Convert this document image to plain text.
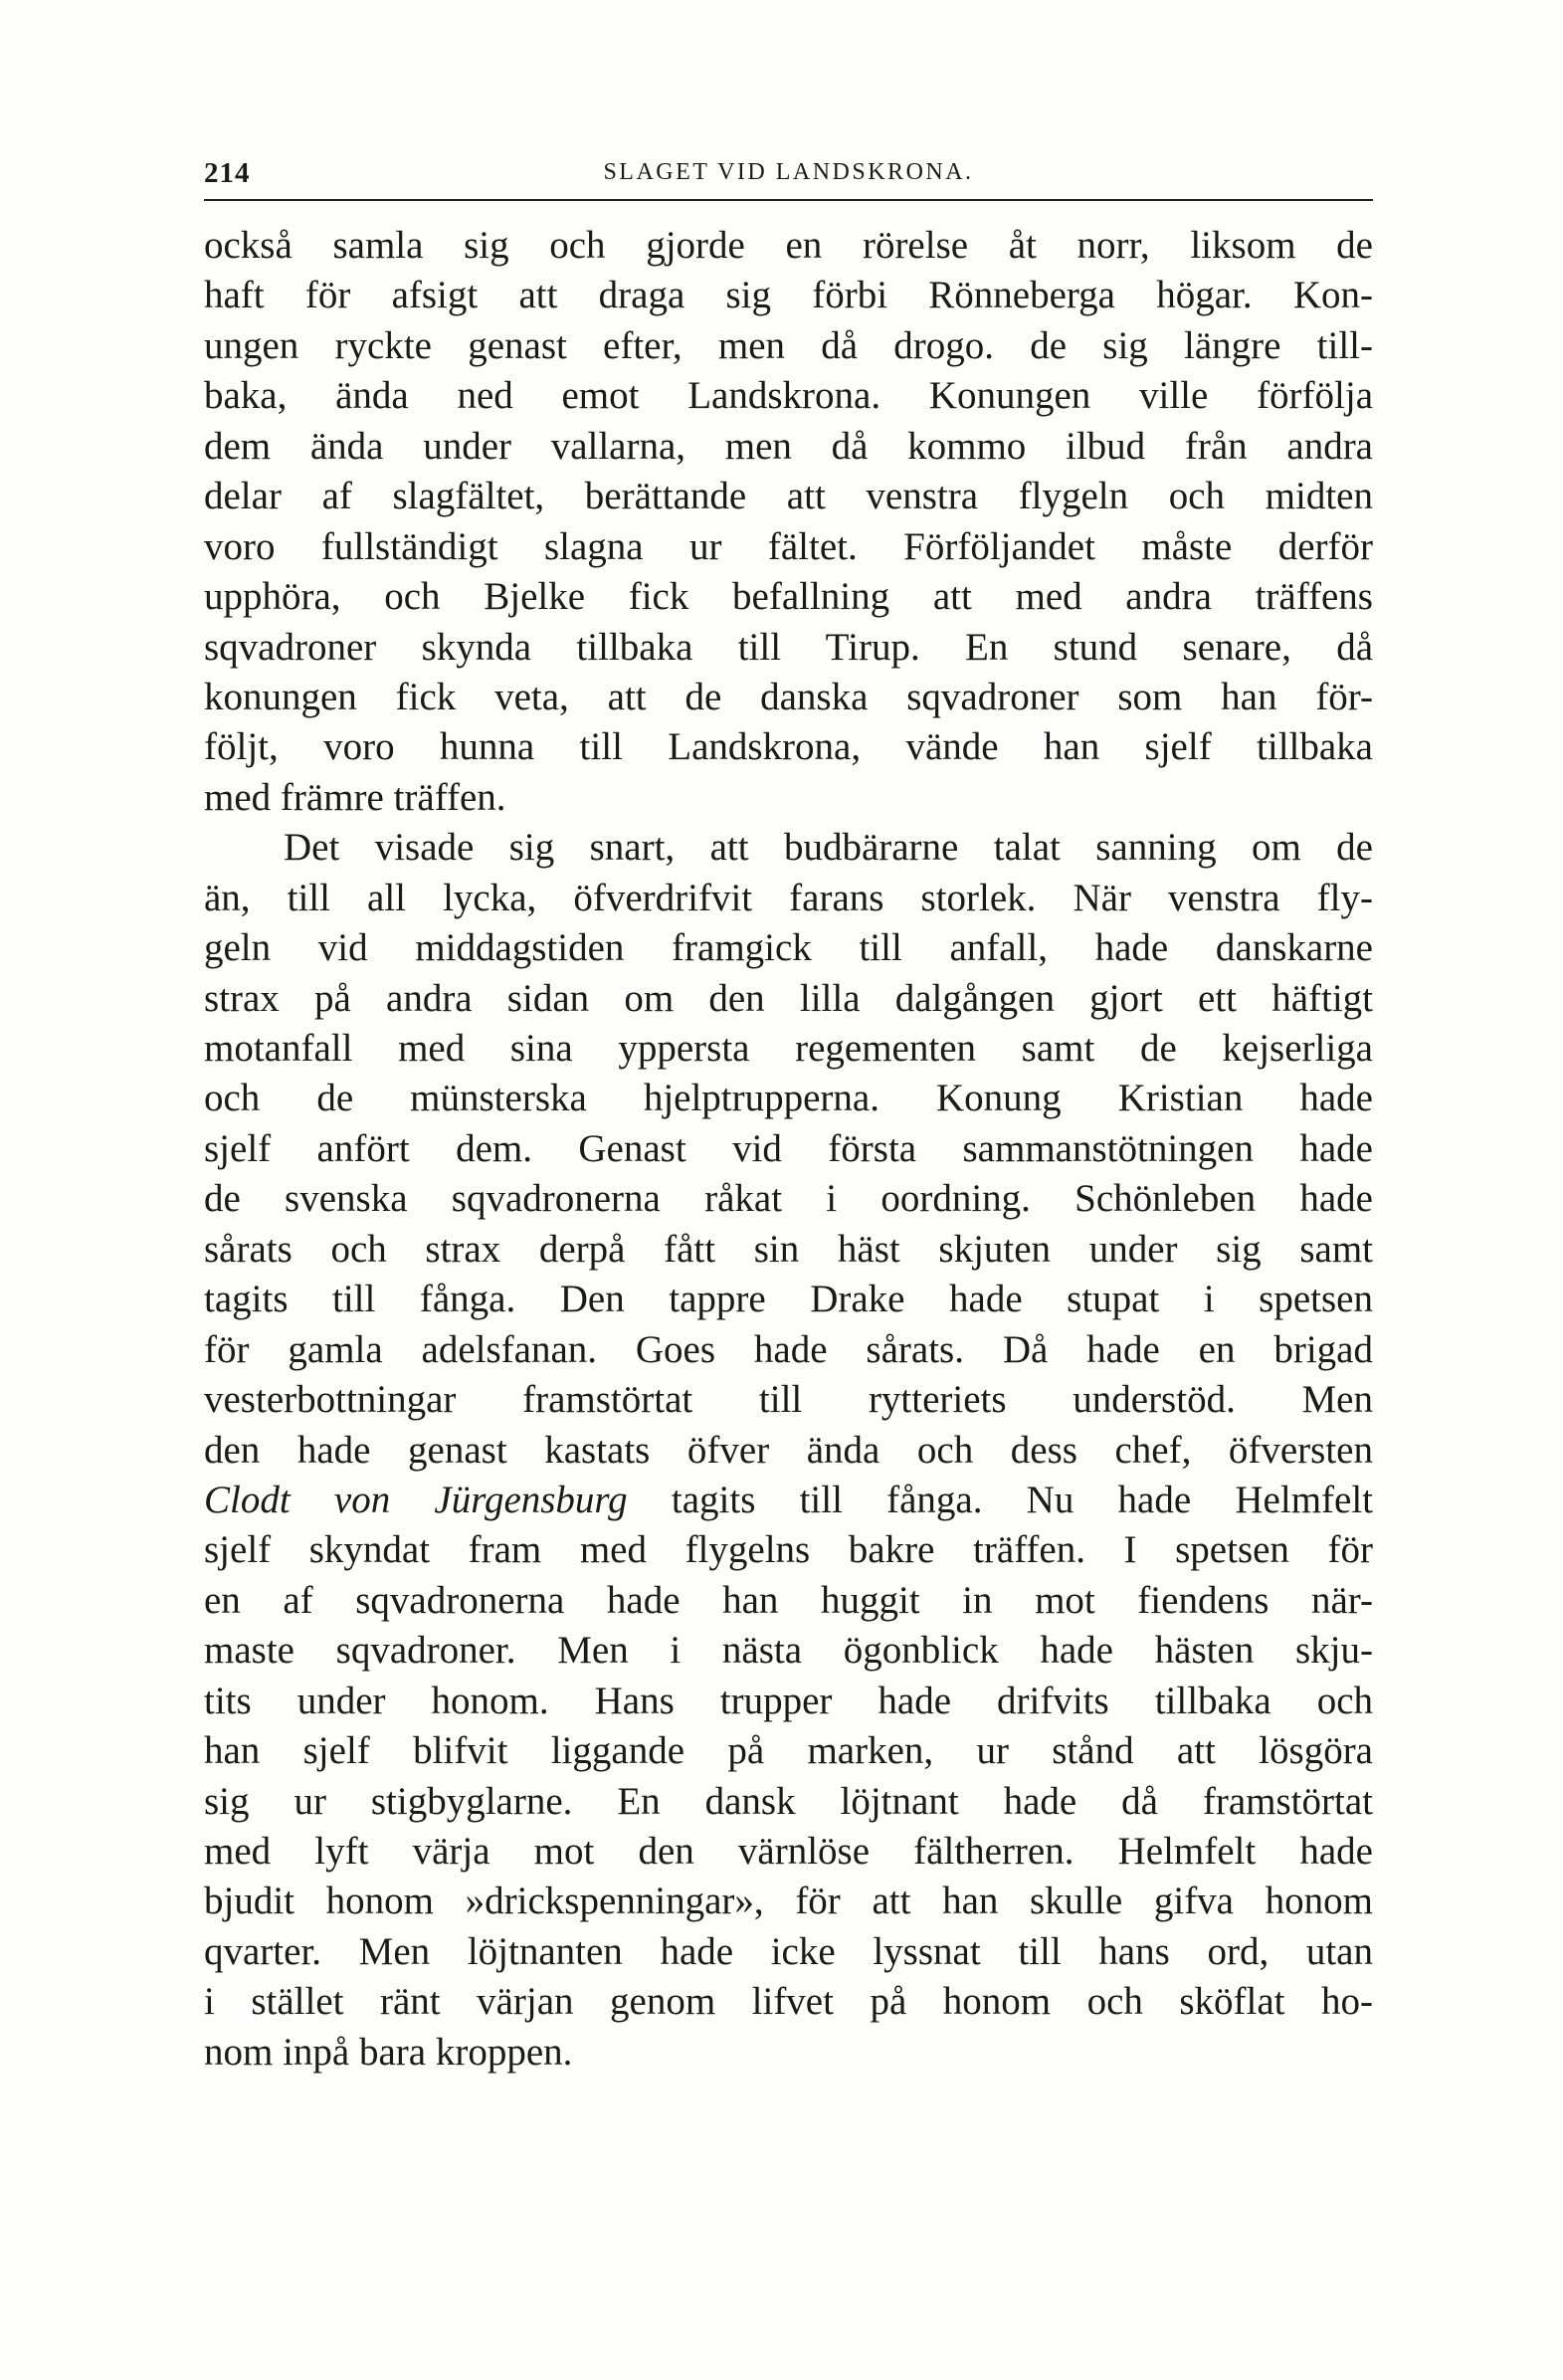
214	SLAGET VID LANDSKRONA.
också samla sig och gjorde en rörelse åt norr, liksom de
haft för afsigt att draga sig förbi Rönneberga högar. Kon-
ungen ryckte genast efter, men då drogo. de sig längre till-
baka, ända ned emot Landskrona. Konungen ville förfölja
dem ända under vallarna, men då kommo ilbud från andra
delar af slagfältet, berättande att venstra flygeln och midten
voro fullständigt slagna ur fältet. Förföljandet måste derför
upphöra, och Bjelke fick befallning att med andra träffens
sqvadroner skynda tillbaka till Tirup. En stund senare, då
konungen fick veta, att de danska sqvadroner som han för-
följt, voro hunna till Landskrona, vände han sjelf tillbaka
med främre träffen.
Det visade sig snart, att budbärarne talat sanning om de
än, till all lycka, öfverdrifvit farans storlek. När venstra fly-
geln vid middagstiden framgick till anfall, hade danskarne
strax på andra sidan om den lilla dalgången gjort ett häftigt
motanfall med sina yppersta regementen samt de kejserliga
och de münsterska hjelptrupperna. Konung Kristian hade
sjelf anfört dem. Genast vid första sammanstötningen hade
de svenska sqvadronerna råkat i oordning. Schönleben hade
sårats och strax derpå fått sin häst skjuten under sig samt
tagits till fånga. Den tappre Drake hade stupat i spetsen
för gamla adelsfanan. Goes hade sårats. Då hade en brigad
vesterbottningar framstörtat till rytteriets understöd. Men
den hade genast kastats öfver ända och dess chef, öfversten
Clodt von Jürgensburg tagits till fånga. Nu hade Helmfelt
sjelf skyndat fram med flygelns bakre träffen. I spetsen för
en af sqvadronerna hade han huggit in mot fiendens när-
maste sqvadroner. Men i nästa ögonblick hade hästen skju-
tits under honom. Hans trupper hade drifvits tillbaka och
han sjelf blifvit liggande på marken, ur stånd att lösgöra
sig ur stigbyglarne. En dansk löjtnant hade då framstörtat
med lyft värja mot den värnlöse fältherren. Helmfelt hade
bjudit honom »drickspenningar», för att han skulle gifva honom
qvarter. Men löjtnanten hade icke lyssnat till hans ord, utan
i stället ränt värjan genom lifvet på honom och sköflat ho-
nom inpå bara kroppen.
